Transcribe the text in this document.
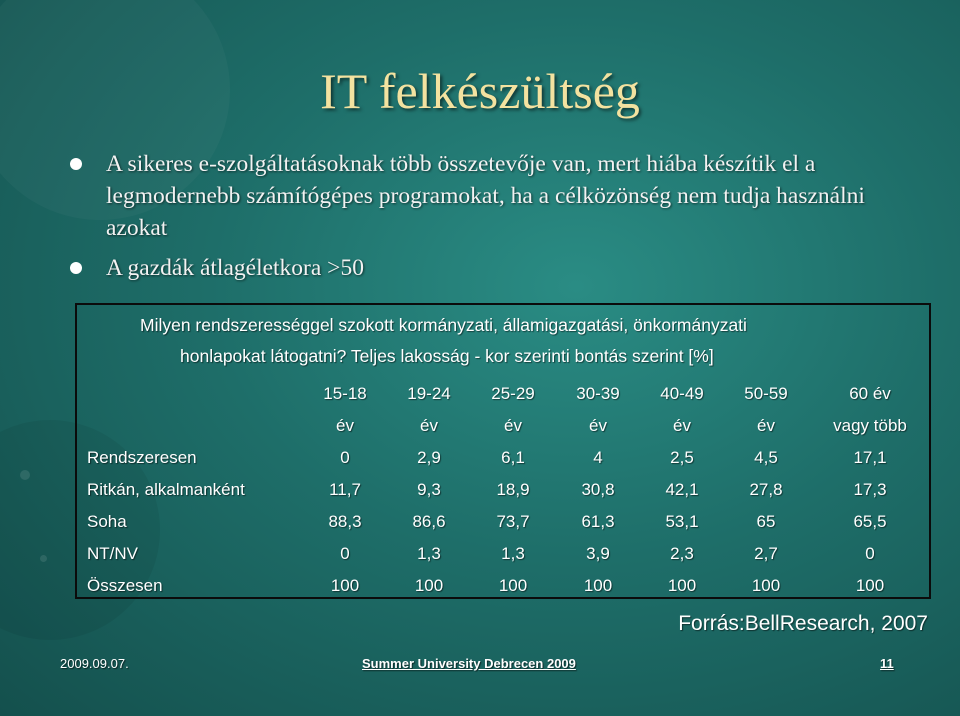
IT felkészültség
A sikeres e-szolgáltatásoknak több összetevője van, mert hiába készítik el a legmodernebb számítógépes programokat, ha a célközönség nem tudja használni azokat
A gazdák átlagéletkora >50
Milyen rendszerességgel szokott kormányzati, államigazgatási, önkormányzati
honlapokat látogatni? Teljes lakosság - kor szerinti bontás szerint [%]
15-18 19-24 25-29 30-39 40-49 50-59	60 év
év	év	év	év	év	év	vagy több
Rendszeresen	0	2,9	6,1	4	2,5	4,5	17,1
Ritkán, alkalmanként	11,7	9,3	18,9	30,8	42,1	27,8	17,3
Soha	88,3	86,6	73,7	61,3	53,1	65	65,5
NT/NV	0	1,3	1,3	3,9	2,3	2,7	0
Összesen	100	100	100	100	100	100	100
Forrás:BellResearch, 2007
2009.09.07.	Summer University Debrecen 2009	11
